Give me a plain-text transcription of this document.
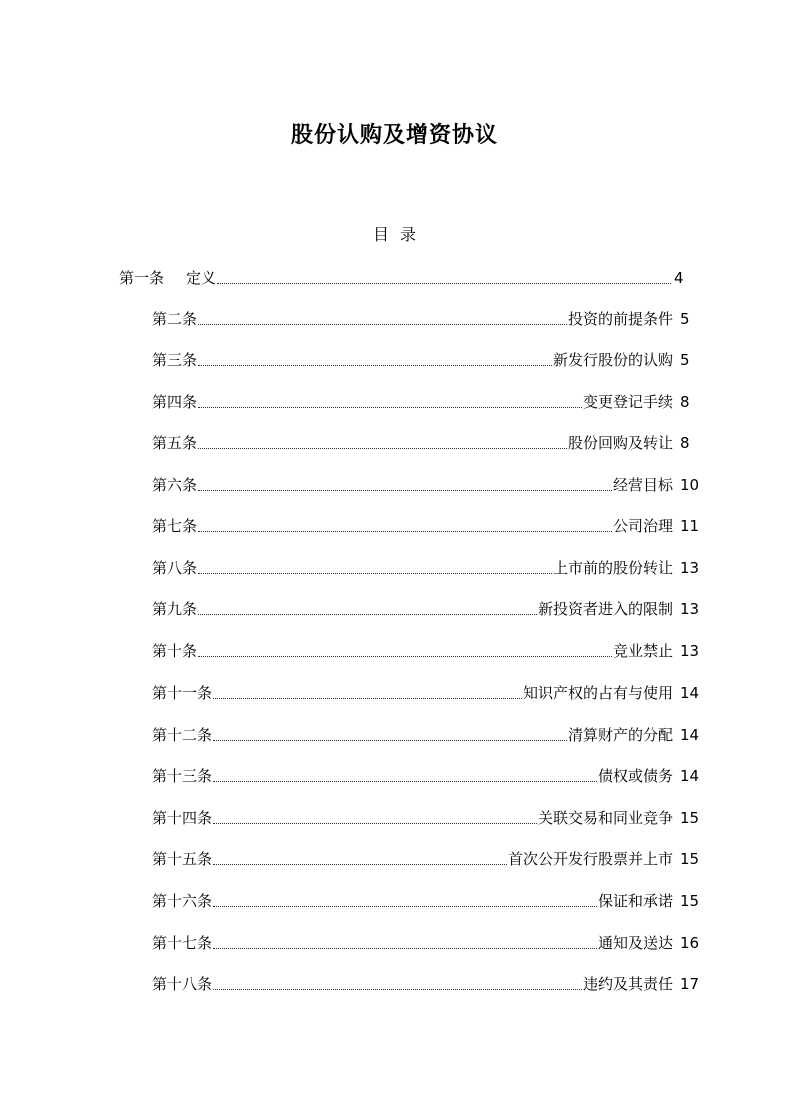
股份认购及增资协议
目 录
第一条 定义	4
第二条	投资的前提条件 5
第三条	新发行股份的认购 5
第四条	变更登记手续 8
第五条	股份回购及转让 8
第六条	经营目标 10
第七条	公司治理 11
第八条	上市前的股份转让 13
第九条	新投资者进入的限制 13
第十条	竞业禁止 13
第十一条	知识产权的占有与使用 14
第十二条	清算财产的分配 14
第十三条	债权或债务 14
第十四条	关联交易和同业竞争 15
第十五条	首次公开发行股票并上市 15
第十六条	保证和承诺 15
第十七条	通知及送达 16
第十八条	违约及其责任 17
